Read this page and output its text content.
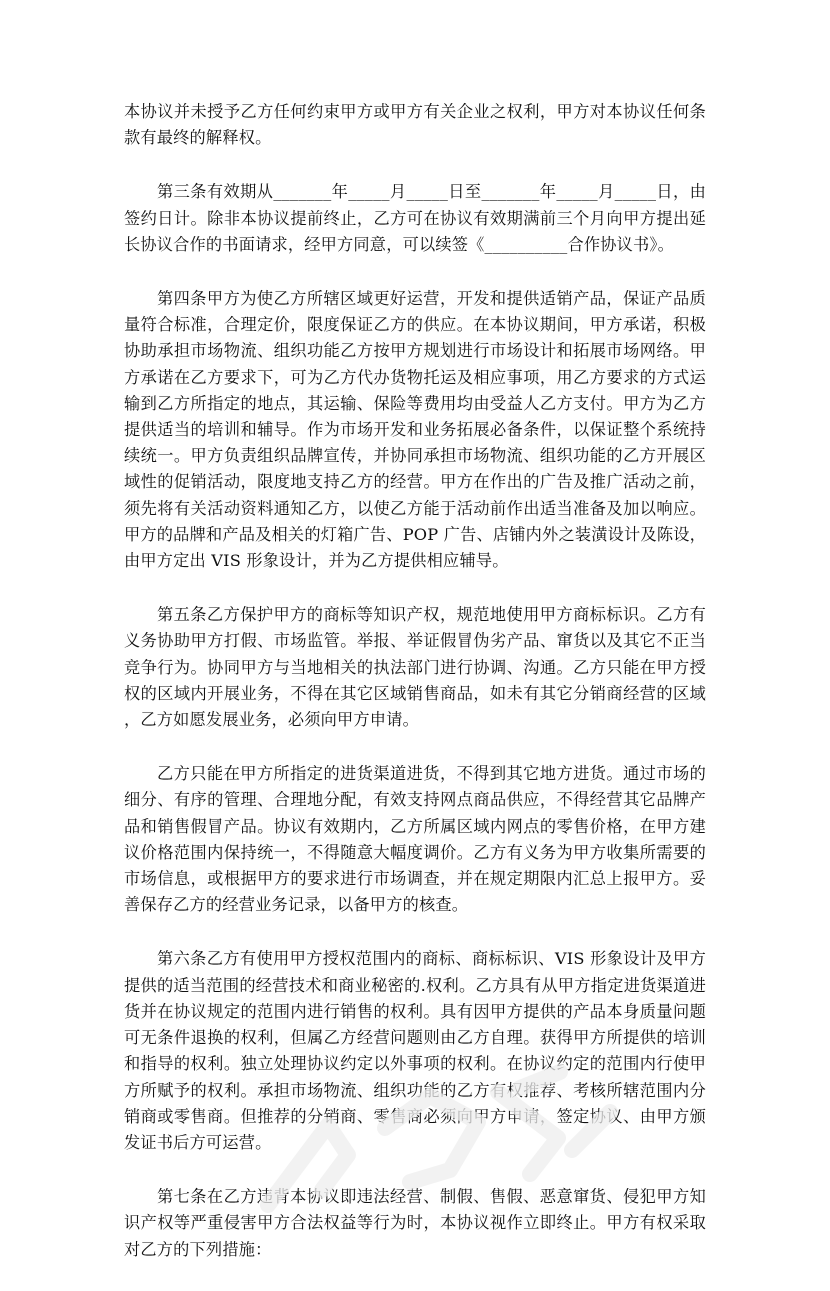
本协议并未授予乙方任何约束甲方或甲方有关企业之权利，甲方对本协议任何条款有最终的解释权。

第三条有效期从_______年_____月_____日至_______年_____月_____日，由签约日计。除非本协议提前终止，乙方可在协议有效期满前三个月向甲方提出延长协议合作的书面请求，经甲方同意，可以续签《__________合作协议书》。

第四条甲方为使乙方所辖区域更好运营，开发和提供适销产品，保证产品质量符合标准，合理定价，限度保证乙方的供应。在本协议期间，甲方承诺，积极协助承担市场物流、组织功能乙方按甲方规划进行市场设计和拓展市场网络。甲方承诺在乙方要求下，可为乙方代办货物托运及相应事项，用乙方要求的方式运输到乙方所指定的地点，其运输、保险等费用均由受益人乙方支付。甲方为乙方提供适当的培训和辅导。作为市场开发和业务拓展必备条件，以保证整个系统持续统一。甲方负责组织品牌宣传，并协同承担市场物流、组织功能的乙方开展区域性的促销活动，限度地支持乙方的经营。甲方在作出的广告及推广活动之前，须先将有关活动资料通知乙方，以使乙方能于活动前作出适当准备及加以响应。甲方的品牌和产品及相关的灯箱广告、POP 广告、店铺内外之装潢设计及陈设，由甲方定出 VIS 形象设计，并为乙方提供相应辅导。

第五条乙方保护甲方的商标等知识产权，规范地使用甲方商标标识。乙方有义务协助甲方打假、市场监管。举报、举证假冒伪劣产品、窜货以及其它不正当竞争行为。协同甲方与当地相关的执法部门进行协调、沟通。乙方只能在甲方授权的区域内开展业务，不得在其它区域销售商品，如未有其它分销商经营的区域，乙方如愿发展业务，必须向甲方申请。

乙方只能在甲方所指定的进货渠道进货，不得到其它地方进货。通过市场的细分、有序的管理、合理地分配，有效支持网点商品供应，不得经营其它品牌产品和销售假冒产品。协议有效期内，乙方所属区域内网点的零售价格，在甲方建议价格范围内保持统一，不得随意大幅度调价。乙方有义务为甲方收集所需要的市场信息，或根据甲方的要求进行市场调查，并在规定期限内汇总上报甲方。妥善保存乙方的经营业务记录，以备甲方的核查。

第六条乙方有使用甲方授权范围内的商标、商标标识、VIS 形象设计及甲方提供的适当范围的经营技术和商业秘密的.权利。乙方具有从甲方指定进货渠道进货并在协议规定的范围内进行销售的权利。具有因甲方提供的产品本身质量问题可无条件退换的权利，但属乙方经营问题则由乙方自理。获得甲方所提供的培训和指导的权利。独立处理协议约定以外事项的权利。在协议约定的范围内行使甲方所赋予的权利。承担市场物流、组织功能的乙方有权推荐、考核所辖范围内分销商或零售商。但推荐的分销商、零售商必须向甲方申请，签定协议、由甲方颁发证书后方可运营。

第七条在乙方违背本协议即违法经营、制假、售假、恶意窜货、侵犯甲方知识产权等严重侵害甲方合法权益等行为时，本协议视作立即终止。甲方有权采取对乙方的下列措施：
